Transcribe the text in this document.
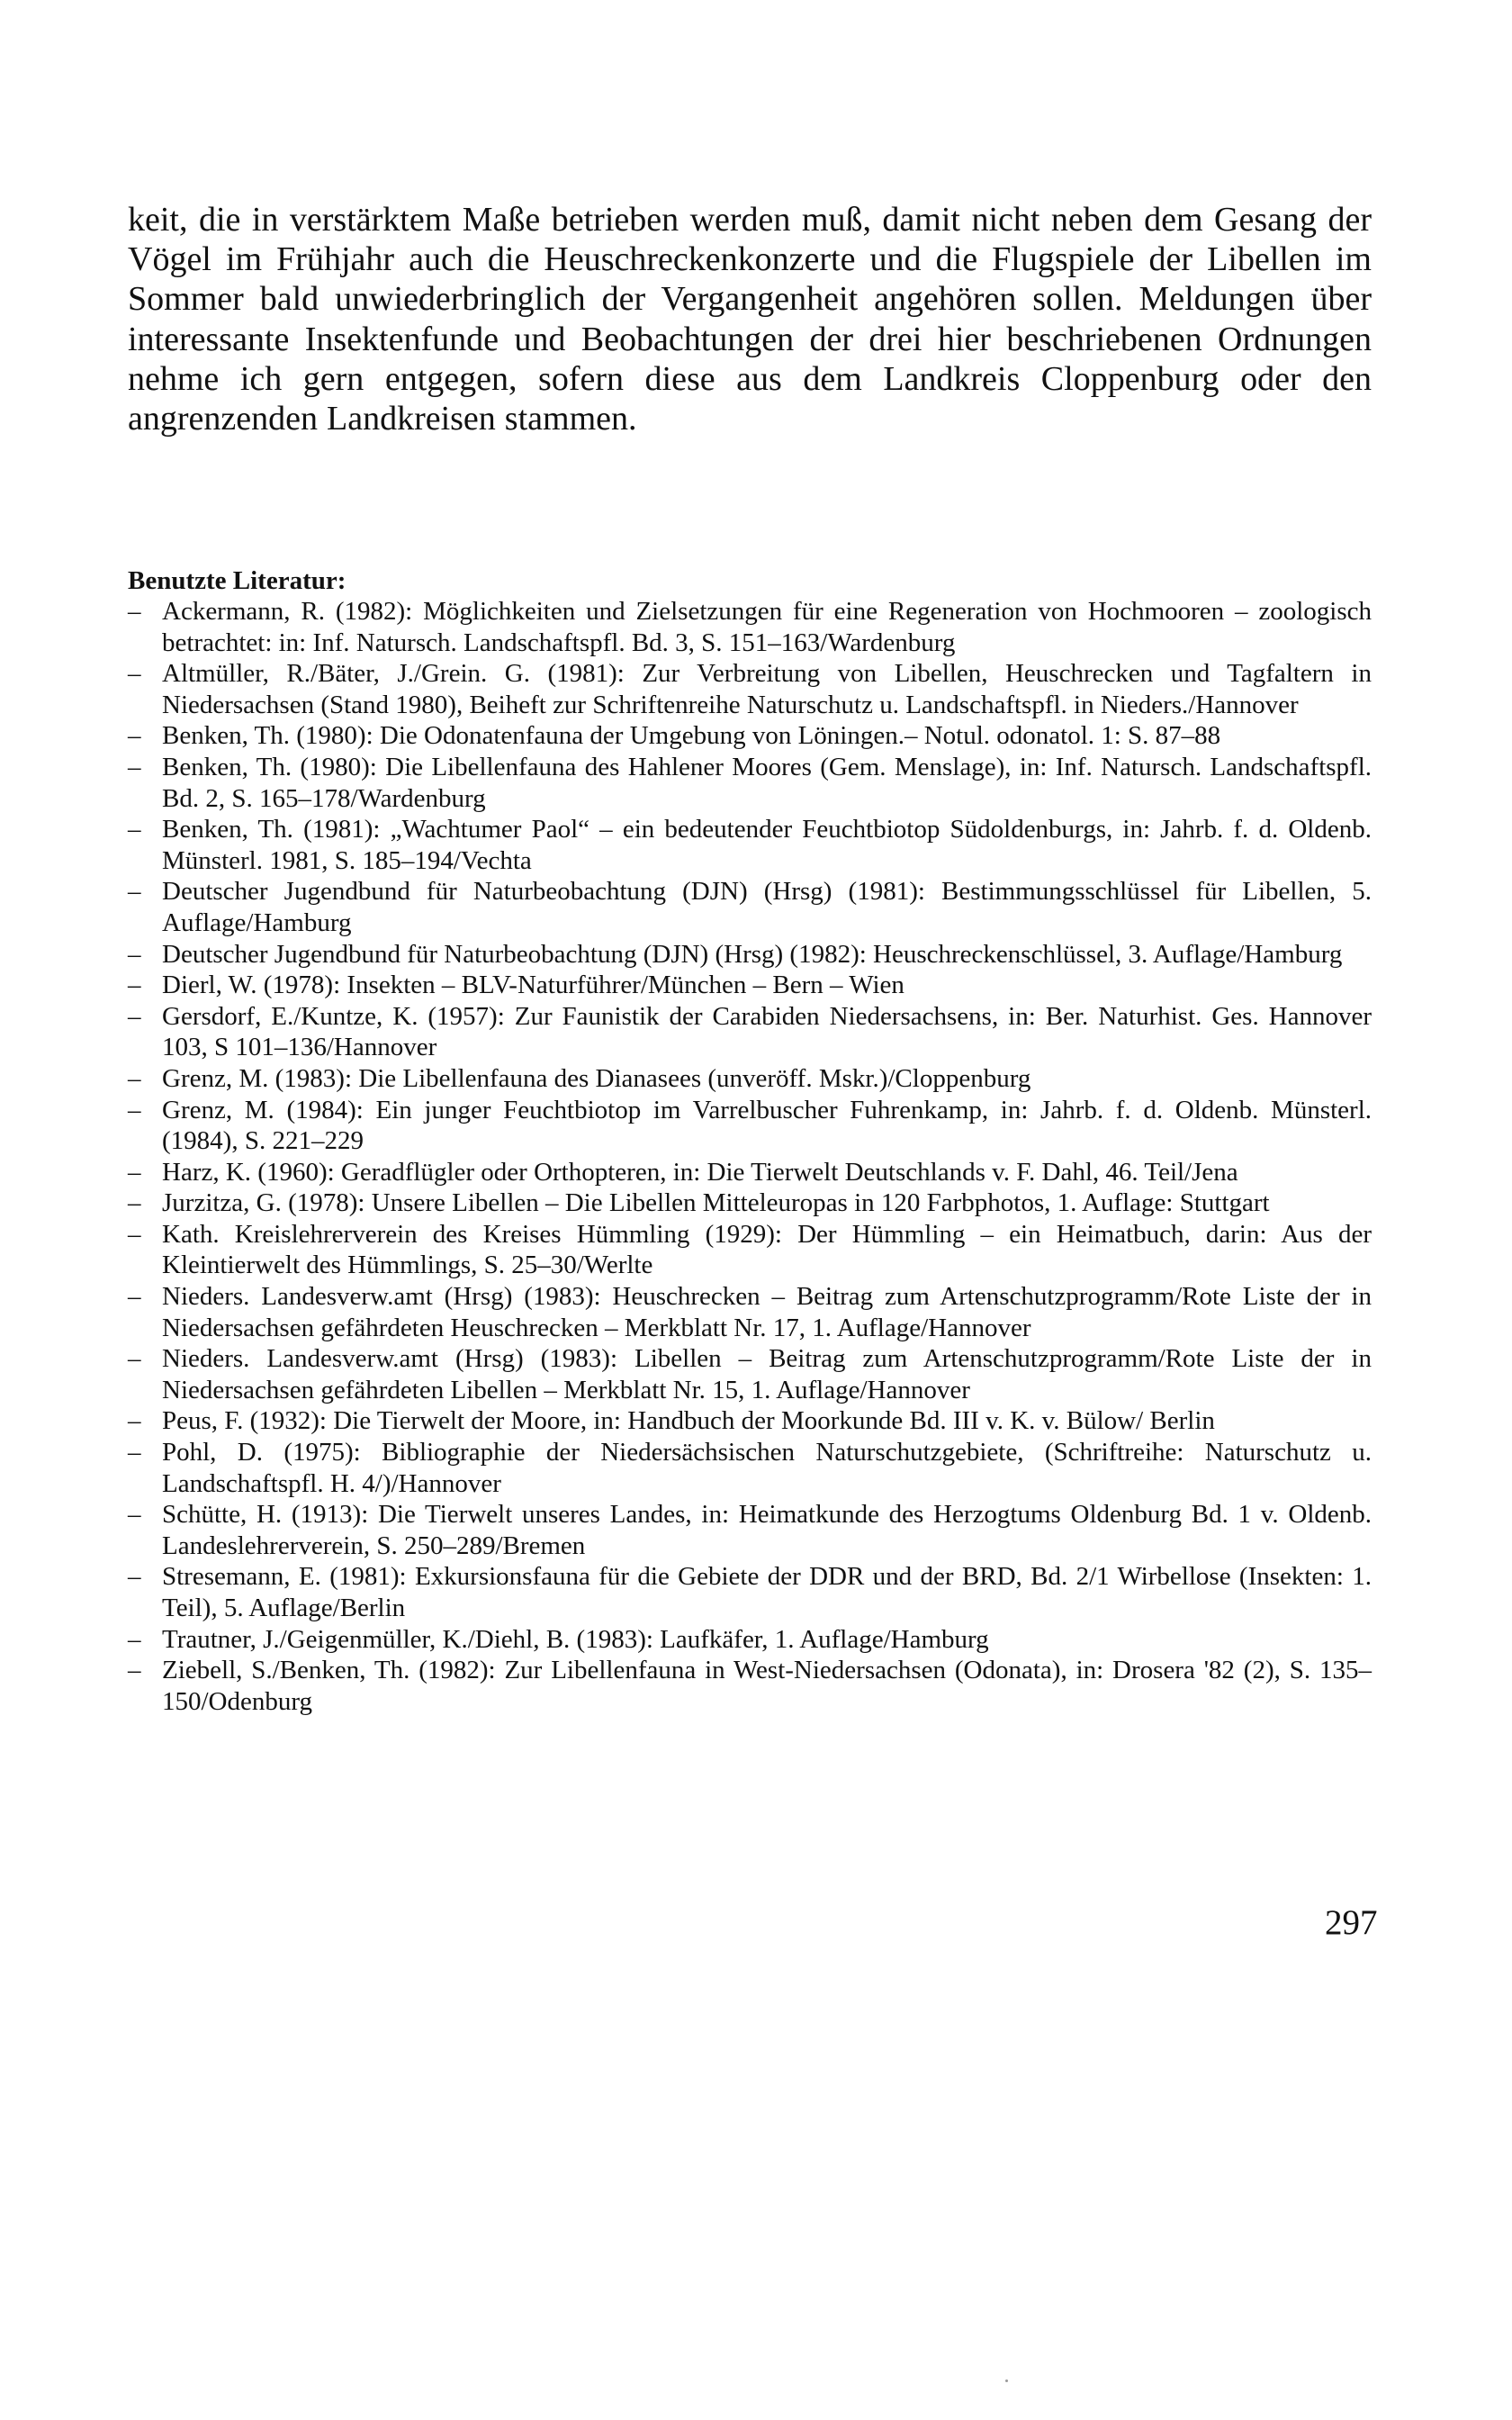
keit, die in verstärktem Maße betrieben werden muß, damit nicht neben dem Gesang der Vögel im Frühjahr auch die Heuschreckenkonzerte und die Flugspiele der Libellen im Sommer bald unwiederbringlich der Vergangenheit angehören sollen. Meldungen über interessante Insektenfunde und Beobachtungen der drei hier beschriebenen Ordnungen nehme ich gern entgegen, sofern diese aus dem Landkreis Cloppenburg oder den angrenzenden Landkreisen stammen.

Benutzte Literatur:
– Ackermann, R. (1982): Möglichkeiten und Zielsetzungen für eine Regeneration von Hochmooren – zoologisch betrachtet: in: Inf. Natursch. Landschaftspfl. Bd. 3, S. 151–163/Wardenburg
– Altmüller, R./Bäter, J./Grein. G. (1981): Zur Verbreitung von Libellen, Heuschrecken und Tagfaltern in Niedersachsen (Stand 1980), Beiheft zur Schriftenreihe Naturschutz u. Landschaftspfl. in Nieders./Hannover
– Benken, Th. (1980): Die Odonatenfauna der Umgebung von Löningen.– Notul. odonatol. 1: S. 87–88
– Benken, Th. (1980): Die Libellenfauna des Hahlener Moores (Gem. Menslage), in: Inf. Natursch. Landschaftspfl. Bd. 2, S. 165–178/Wardenburg
– Benken, Th. (1981): „Wachtumer Paol“ – ein bedeutender Feuchtbiotop Südoldenburgs, in: Jahrb. f. d. Oldenb. Münsterl. 1981, S. 185–194/Vechta
– Deutscher Jugendbund für Naturbeobachtung (DJN) (Hrsg) (1981): Bestimmungsschlüssel für Libellen, 5. Auflage/Hamburg
– Deutscher Jugendbund für Naturbeobachtung (DJN) (Hrsg) (1982): Heuschreckenschlüssel, 3. Auflage/Hamburg
– Dierl, W. (1978): Insekten – BLV-Naturführer/München – Bern – Wien
– Gersdorf, E./Kuntze, K. (1957): Zur Faunistik der Carabiden Niedersachsens, in: Ber. Naturhist. Ges. Hannover 103, S 101–136/Hannover
– Grenz, M. (1983): Die Libellenfauna des Dianasees (unveröff. Mskr.)/Cloppenburg
– Grenz, M. (1984): Ein junger Feuchtbiotop im Varrelbuscher Fuhrenkamp, in: Jahrb. f. d. Oldenb. Münsterl. (1984), S. 221–229
– Harz, K. (1960): Geradflügler oder Orthopteren, in: Die Tierwelt Deutschlands v. F. Dahl, 46. Teil/Jena
– Jurzitza, G. (1978): Unsere Libellen – Die Libellen Mitteleuropas in 120 Farbphotos, 1. Auflage: Stuttgart
– Kath. Kreislehrerverein des Kreises Hümmling (1929): Der Hümmling – ein Heimatbuch, darin: Aus der Kleintierwelt des Hümmlings, S. 25–30/Werlte
– Nieders. Landesverw.amt (Hrsg) (1983): Heuschrecken – Beitrag zum Artenschutzprogramm/Rote Liste der in Niedersachsen gefährdeten Heuschrecken – Merkblatt Nr. 17, 1. Auflage/Hannover
– Nieders. Landesverw.amt (Hrsg) (1983): Libellen – Beitrag zum Artenschutzprogramm/Rote Liste der in Niedersachsen gefährdeten Libellen – Merkblatt Nr. 15, 1. Auflage/Hannover
– Peus, F. (1932): Die Tierwelt der Moore, in: Handbuch der Moorkunde Bd. III v. K. v. Bülow/ Berlin
– Pohl, D. (1975): Bibliographie der Niedersächsischen Naturschutzgebiete, (Schriftreihe: Naturschutz u. Landschaftspfl. H. 4/)/Hannover
– Schütte, H. (1913): Die Tierwelt unseres Landes, in: Heimatkunde des Herzogtums Oldenburg Bd. 1 v. Oldenb. Landeslehrerverein, S. 250–289/Bremen
– Stresemann, E. (1981): Exkursionsfauna für die Gebiete der DDR und der BRD, Bd. 2/1 Wirbellose (Insekten: 1. Teil), 5. Auflage/Berlin
– Trautner, J./Geigenmüller, K./Diehl, B. (1983): Laufkäfer, 1. Auflage/Hamburg
– Ziebell, S./Benken, Th. (1982): Zur Libellenfauna in West-Niedersachsen (Odonata), in: Drosera '82 (2), S. 135–150/Odenburg
297
